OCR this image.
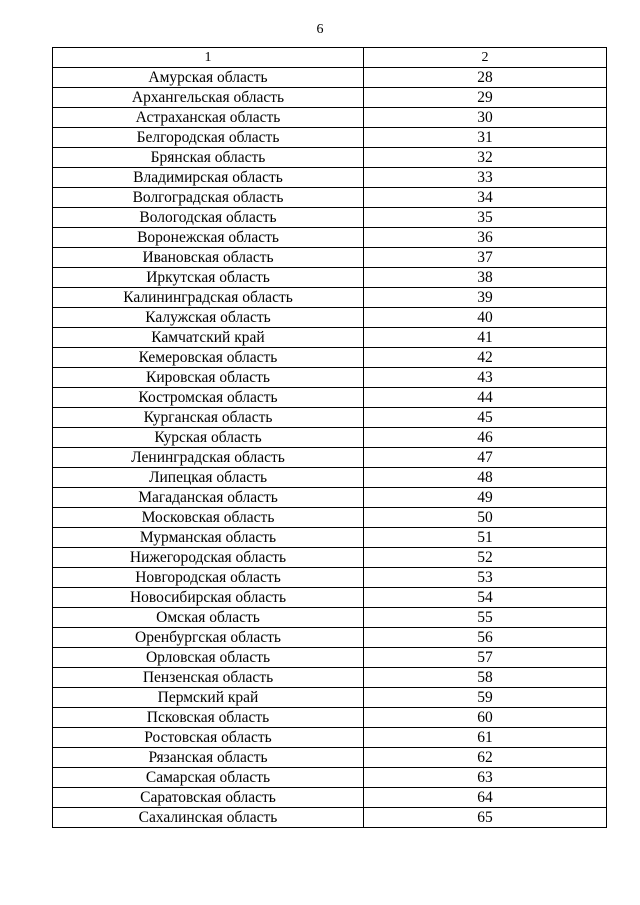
6
1	2
Амурская область	28
Архангельская область	29
Астраханская область	30
Белгородская область	31
Брянская область	32
Владимирская область	33
Волгоградская область	34
Вологодская область	35
Воронежская область	36
Ивановская область	37
Иркутская область	38
Калининградская область	39
Калужская область	40
Камчатский край	41
Кемеровская область	42
Кировская область	43
Костромская область	44
Курганская область	45
Курская область	46
Ленинградская область	47
Липецкая область	48
Магаданская область	49
Московская область	50
Мурманская область	51
Нижегородская область	52
Новгородская область	53
Новосибирская область	54
Омская область	55
Оренбургская область	56
Орловская область	57
Пензенская область	58
Пермский край	59
Псковская область	60
Ростовская область	61
Рязанская область	62
Самарская область	63
Саратовская область	64
Сахалинская область	65
